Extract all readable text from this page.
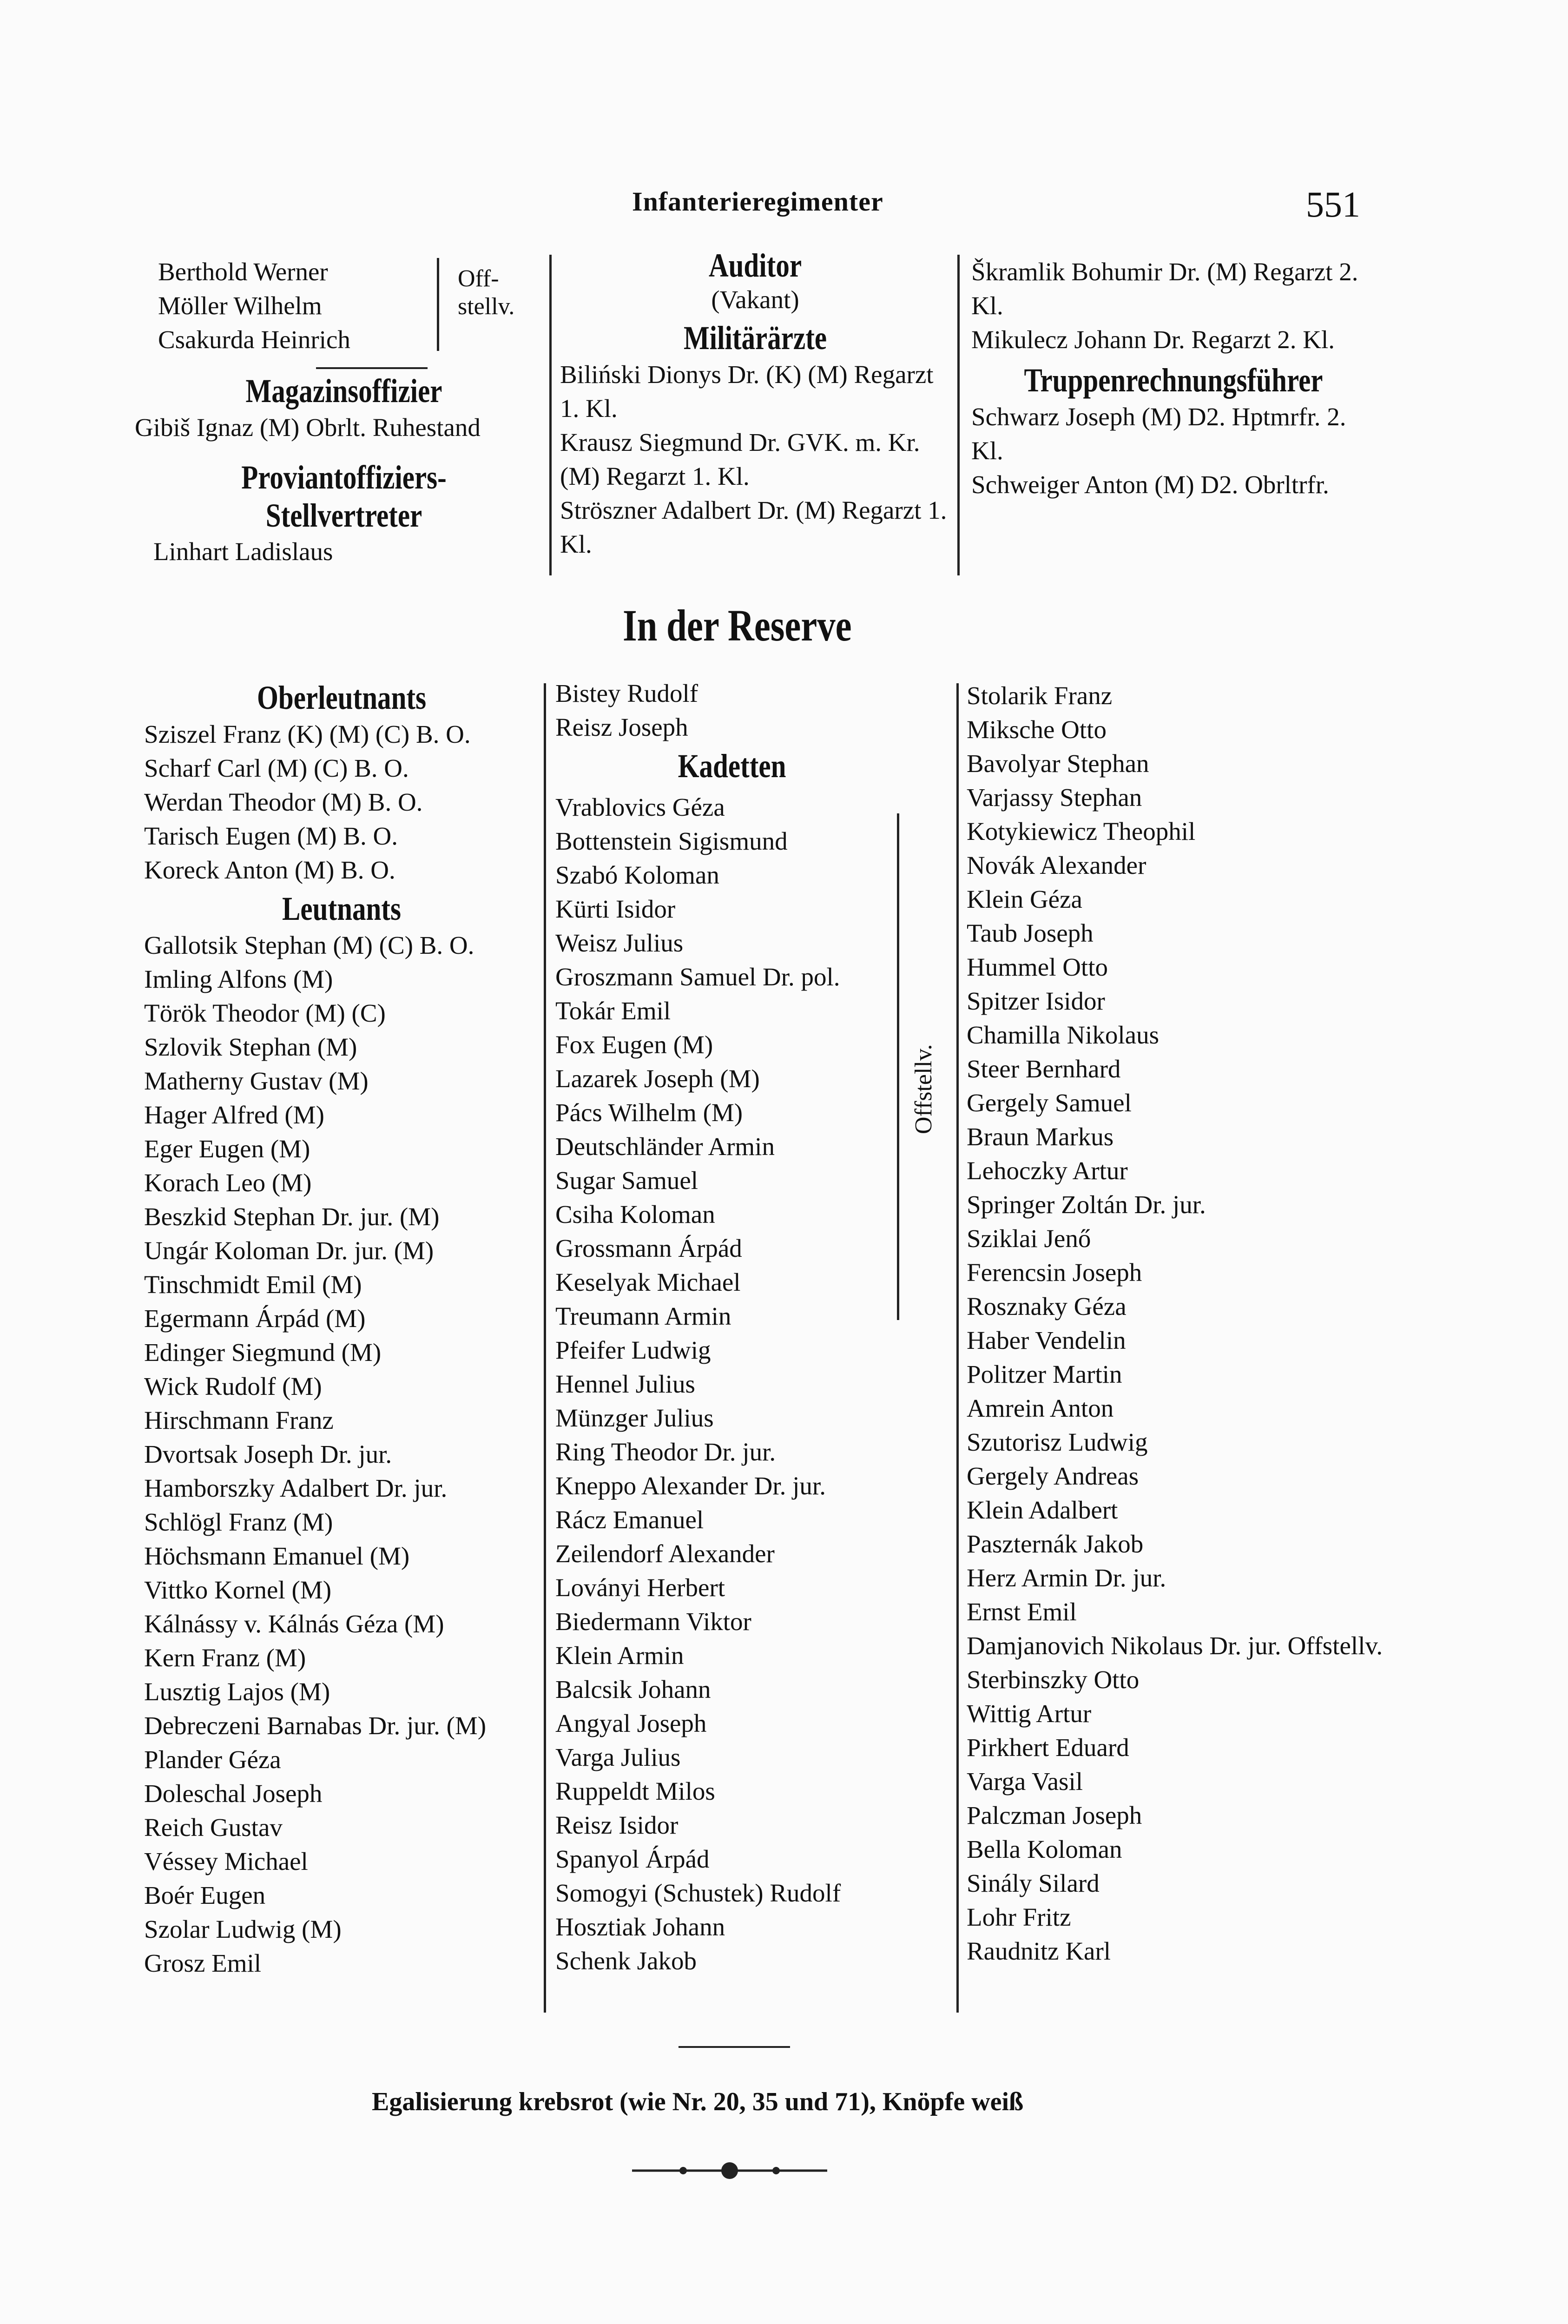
Infanterieregimenter	551
Berthold Werner
Möller Wilhelm
Csakurda Heinrich
Off-stellv.
Magazinsoffizier
Gibiš Ignaz (M) Obrlt. Ruhestand
Proviantoffiziers-Stellvertreter
Linhart Ladislaus
Auditor
(Vakant)
Militärärzte
Biliński Dionys Dr. (K) (M) Regarzt 1. Kl.
Krausz Siegmund Dr. GVK. m. Kr. (M) Regarzt 1. Kl.
Ströszner Adalbert Dr. (M) Regarzt 1. Kl.
Škramlik Bohumir Dr. (M) Regarzt 2. Kl.
Mikulecz Johann Dr. Regarzt 2. Kl.
Truppenrechnungsführer
Schwarz Joseph (M) D2. Hptmrfr. 2. Kl.
Schweiger Anton (M) D2. Obrltrfr.
In der Reserve
Oberleutnants
Sziszel Franz (K) (M) (C) B. O.
Scharf Carl (M) (C) B. O.
Werdan Theodor (M) B. O.
Tarisch Eugen (M) B. O.
Koreck Anton (M) B. O.
Leutnants
Gallotsik Stephan (M) (C) B. O.
Imling Alfons (M)
Török Theodor (M) (C)
Szlovik Stephan (M)
Matherny Gustav (M)
Hager Alfred (M)
Eger Eugen (M)
Korach Leo (M)
Beszkid Stephan Dr. jur. (M)
Ungár Koloman Dr. jur. (M)
Tinschmidt Emil (M)
Egermann Árpád (M)
Edinger Siegmund (M)
Wick Rudolf (M)
Hirschmann Franz
Dvortsak Joseph Dr. jur.
Hamborszky Adalbert Dr. jur.
Schlögl Franz (M)
Höchsmann Emanuel (M)
Vittko Kornel (M)
Kálnássy v. Kálnás Géza (M)
Kern Franz (M)
Lusztig Lajos (M)
Debreczeni Barnabas Dr. jur. (M)
Plander Géza
Doleschal Joseph
Reich Gustav
Véssey Michael
Boér Eugen
Szolar Ludwig (M)
Grosz Emil
Bistey Rudolf
Reisz Joseph
Kadetten
Vrablovics Géza
Bottenstein Sigismund
Szabó Koloman
Kürti Isidor
Weisz Julius
Groszmann Samuel Dr. pol.
Tokár Emil
Fox Eugen (M)
Lazarek Joseph (M)
Pács Wilhelm (M)
Deutschländer Armin
Sugar Samuel
Csiha Koloman
Grossmann Árpád
Keselyak Michael
Treumann Armin
Pfeifer Ludwig
Hennel Julius
Münzger Julius
Ring Theodor Dr. jur.
Kneppo Alexander Dr. jur.
Rácz Emanuel
Zeilendorf Alexander
Loványi Herbert
Biedermann Viktor
Klein Armin
Balcsik Johann
Angyal Joseph
Varga Julius
Ruppeldt Milos
Reisz Isidor
Spanyol Árpád
Somogyi (Schustek) Rudolf
Hosztiak Johann
Schenk Jakob
Offstellv.
Stolarik Franz
Miksche Otto
Bavolyar Stephan
Varjassy Stephan
Kotykiewicz Theophil
Novák Alexander
Klein Géza
Taub Joseph
Hummel Otto
Spitzer Isidor
Chamilla Nikolaus
Steer Bernhard
Gergely Samuel
Braun Markus
Lehoczky Artur
Springer Zoltán Dr. jur.
Sziklai Jenő
Ferencsin Joseph
Rosznaky Géza
Haber Vendelin
Politzer Martin
Amrein Anton
Szutorisz Ludwig
Gergely Andreas
Klein Adalbert
Paszternák Jakob
Herz Armin Dr. jur.
Ernst Emil
Damjanovich Nikolaus Dr. jur. Offstellv.
Sterbinszky Otto
Wittig Artur
Pirkhert Eduard
Varga Vasil
Palczman Joseph
Bella Koloman
Sinály Silard
Lohr Fritz
Raudnitz Karl
Egalisierung krebsrot (wie Nr. 20, 35 und 71), Knöpfe weiß
